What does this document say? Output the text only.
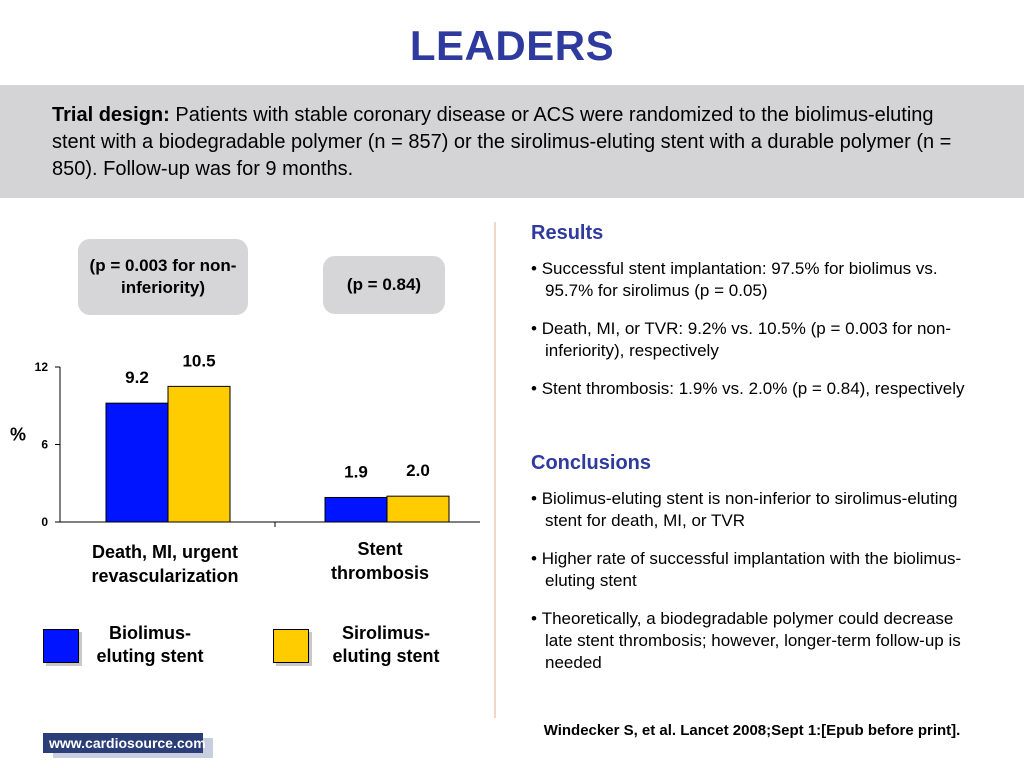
LEADERS
Trial design: Patients with stable coronary disease or ACS were randomized to the biolimus-eluting stent with a biodegradable polymer (n = 857) or the sirolimus-eluting stent with a durable polymer (n = 850). Follow-up was for 9 months.
(p = 0.003 for non-inferiority)	(p = 0.84)
0
6
12
%
9.2
1.9
10.5
2.0
Death, MI, urgent revascularization
Stent thrombosis
Biolimus-eluting stent
Sirolimus-eluting stent
Results
• Successful stent implantation: 97.5% for biolimus vs. 95.7% for sirolimus (p = 0.05)
• Death, MI, or TVR: 9.2% vs. 10.5% (p = 0.003 for non-inferiority), respectively
• Stent thrombosis: 1.9% vs. 2.0% (p = 0.84), respectively
Conclusions
• Biolimus-eluting stent is non-inferior to sirolimus-eluting stent for death, MI, or TVR
• Higher rate of successful implantation with the biolimus-eluting stent
• Theoretically, a biodegradable polymer could decrease late stent thrombosis; however, longer-term follow-up is needed
Windecker S, et al. Lancet 2008;Sept 1:[Epub before print].
www.cardiosource.com
